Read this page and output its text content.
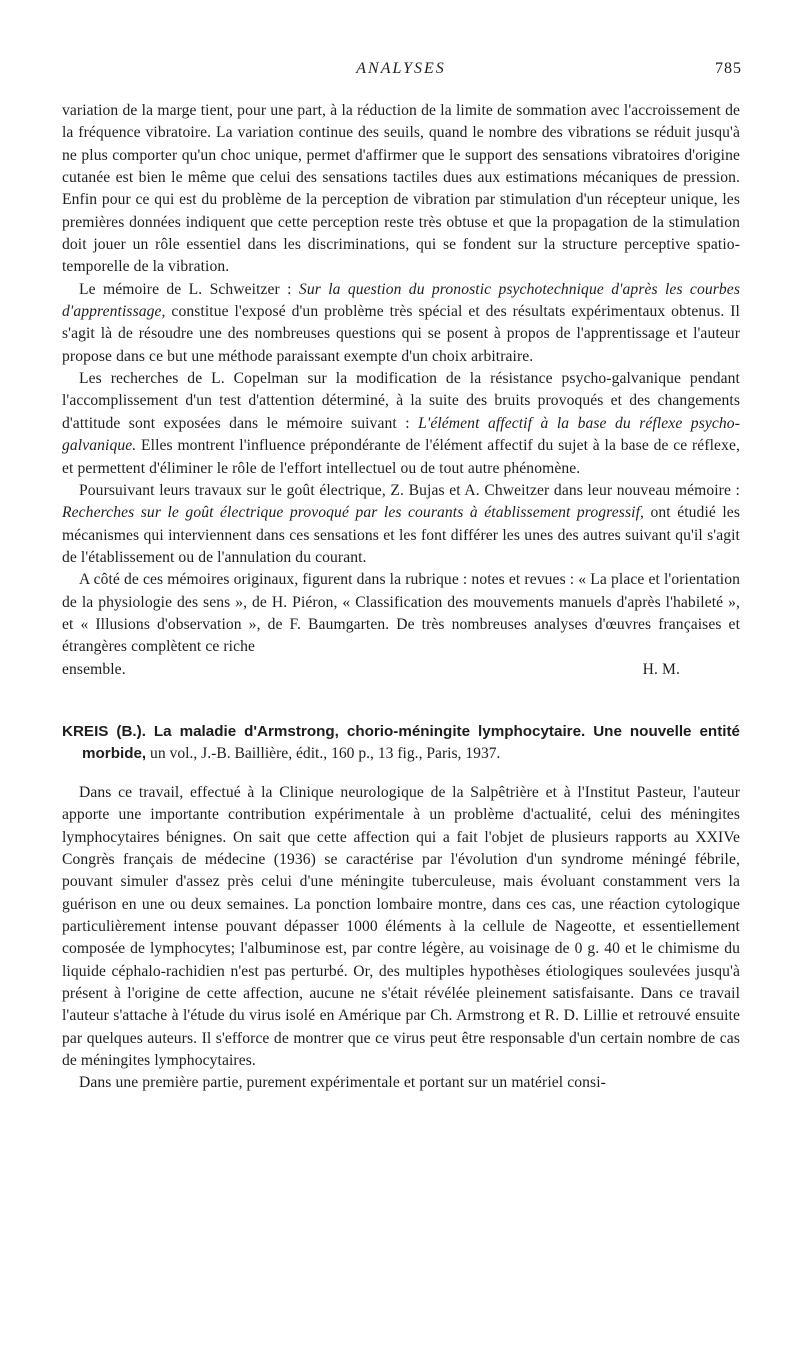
ANALYSES	785

variation de la marge tient, pour une part, à la réduction de la limite de sommation avec l'accroissement de la fréquence vibratoire. La variation continue des seuils, quand le nombre des vibrations se réduit jusqu'à ne plus comporter qu'un choc unique, permet d'affirmer que le support des sensations vibratoires d'origine cutanée est bien le même que celui des sensations tactiles dues aux estimations mécaniques de pression. Enfin pour ce qui est du problème de la perception de vibration par stimulation d'un récepteur unique, les premières données indiquent que cette perception reste très obtuse et que la propagation de la stimulation doit jouer un rôle essentiel dans les discriminations, qui se fondent sur la structure perceptive spatio-temporelle de la vibration.

Le mémoire de L. Schweitzer : Sur la question du pronostic psychotechnique d'après les courbes d'apprentissage, constitue l'exposé d'un problème très spécial et des résultats expérimentaux obtenus. Il s'agit là de résoudre une des nombreuses questions qui se posent à propos de l'apprentissage et l'auteur propose dans ce but une méthode paraissant exempte d'un choix arbitraire.

Les recherches de L. Copelman sur la modification de la résistance psycho-galvanique pendant l'accomplissement d'un test d'attention déterminé, à la suite des bruits provoqués et des changements d'attitude sont exposées dans le mémoire suivant : L'élément affectif à la base du réflexe psycho-galvanique. Elles montrent l'influence prépondérante de l'élément affectif du sujet à la base de ce réflexe, et permettent d'éliminer le rôle de l'effort intellectuel ou de tout autre phénomène.

Poursuivant leurs travaux sur le goût électrique, Z. Bujas et A. Chweitzer dans leur nouveau mémoire : Recherches sur le goût électrique provoqué par les courants à établissement progressif, ont étudié les mécanismes qui interviennent dans ces sensations et les font différer les unes des autres suivant qu'il s'agit de l'établissement ou de l'annulation du courant.

A côté de ces mémoires originaux, figurent dans la rubrique : notes et revues : « La place et l'orientation de la physiologie des sens », de H. Piéron, « Classification des mouvements manuels d'après l'habileté », et « Illusions d'observation », de F. Baumgarten. De très nombreuses analyses d'œuvres françaises et étrangères complètent ce riche

ensemble.	H. M.

KREIS (B.). La maladie d'Armstrong, chorio-méningite lymphocytaire. Une nouvelle entité morbide, un vol., J.-B. Baillière, édit., 160 p., 13 fig., Paris, 1937.

Dans ce travail, effectué à la Clinique neurologique de la Salpêtrière et à l'Institut Pasteur, l'auteur apporte une importante contribution expérimentale à un problème d'actualité, celui des méningites lymphocytaires bénignes. On sait que cette affection qui a fait l'objet de plusieurs rapports au XXIVe Congrès français de médecine (1936) se caractérise par l'évolution d'un syndrome méningé fébrile, pouvant simuler d'assez près celui d'une méningite tuberculeuse, mais évoluant constamment vers la guérison en une ou deux semaines. La ponction lombaire montre, dans ces cas, une réaction cytologique particulièrement intense pouvant dépasser 1000 éléments à la cellule de Nageotte, et essentiellement composée de lymphocytes; l'albuminose est, par contre légère, au voisinage de 0 g. 40 et le chimisme du liquide céphalo-rachidien n'est pas perturbé. Or, des multiples hypothèses étiologiques soulevées jusqu'à présent à l'origine de cette affection, aucune ne s'était révélée pleinement satisfaisante. Dans ce travail l'auteur s'attache à l'étude du virus isolé en Amérique par Ch. Armstrong et R. D. Lillie et retrouvé ensuite par quelques auteurs. Il s'efforce de montrer que ce virus peut être responsable d'un certain nombre de cas de méningites lymphocytaires.

Dans une première partie, purement expérimentale et portant sur un matériel consi-
